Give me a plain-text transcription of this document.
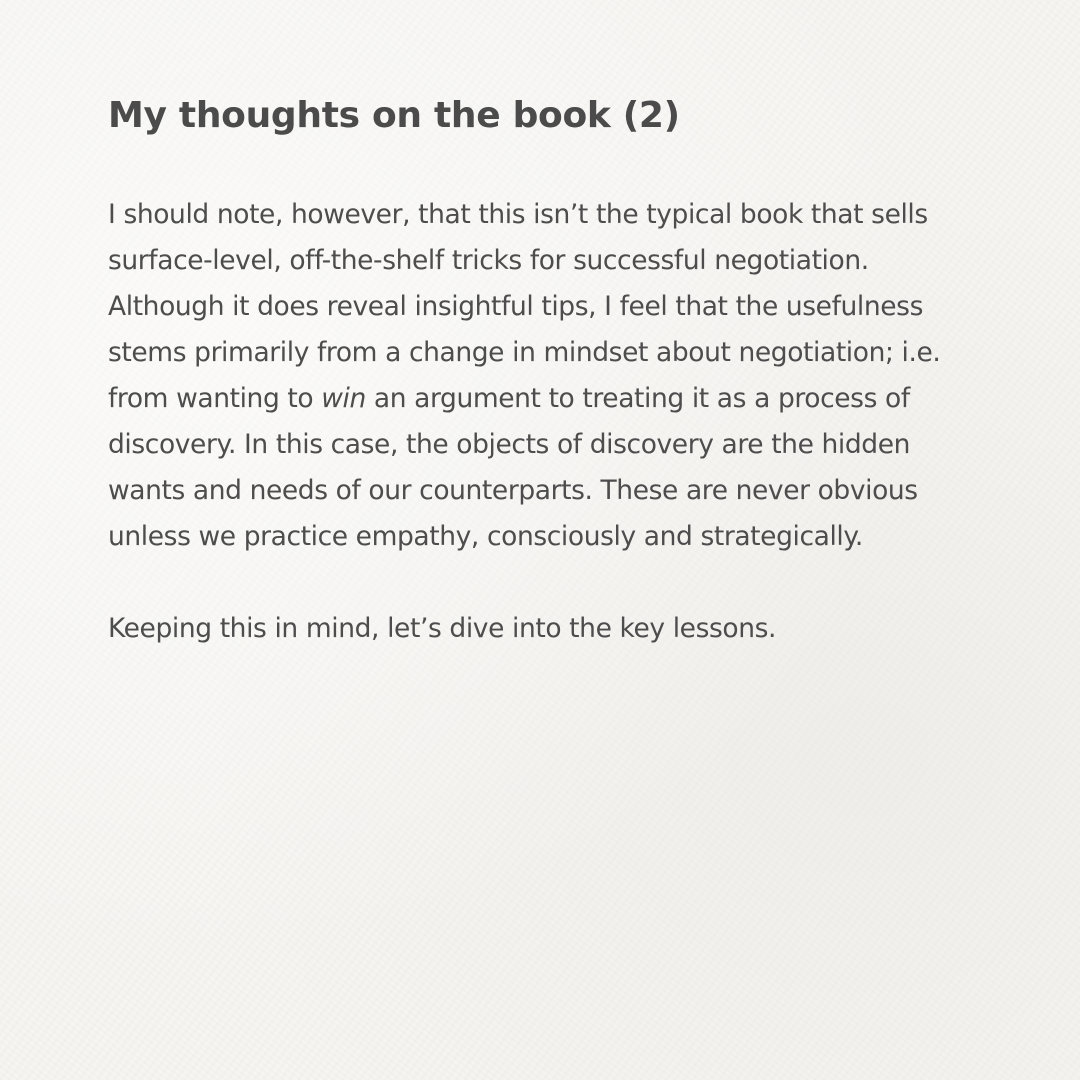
My thoughts on the book (2)

I should note, however, that this isn’t the typical book that sells
surface-level, off-the-shelf tricks for successful negotiation.
Although it does reveal insightful tips, I feel that the usefulness
stems primarily from a change in mindset about negotiation; i.e.
from wanting to win an argument to treating it as a process of
discovery. In this case, the objects of discovery are the hidden
wants and needs of our counterparts. These are never obvious
unless we practice empathy, consciously and strategically.

Keeping this in mind, let’s dive into the key lessons.
